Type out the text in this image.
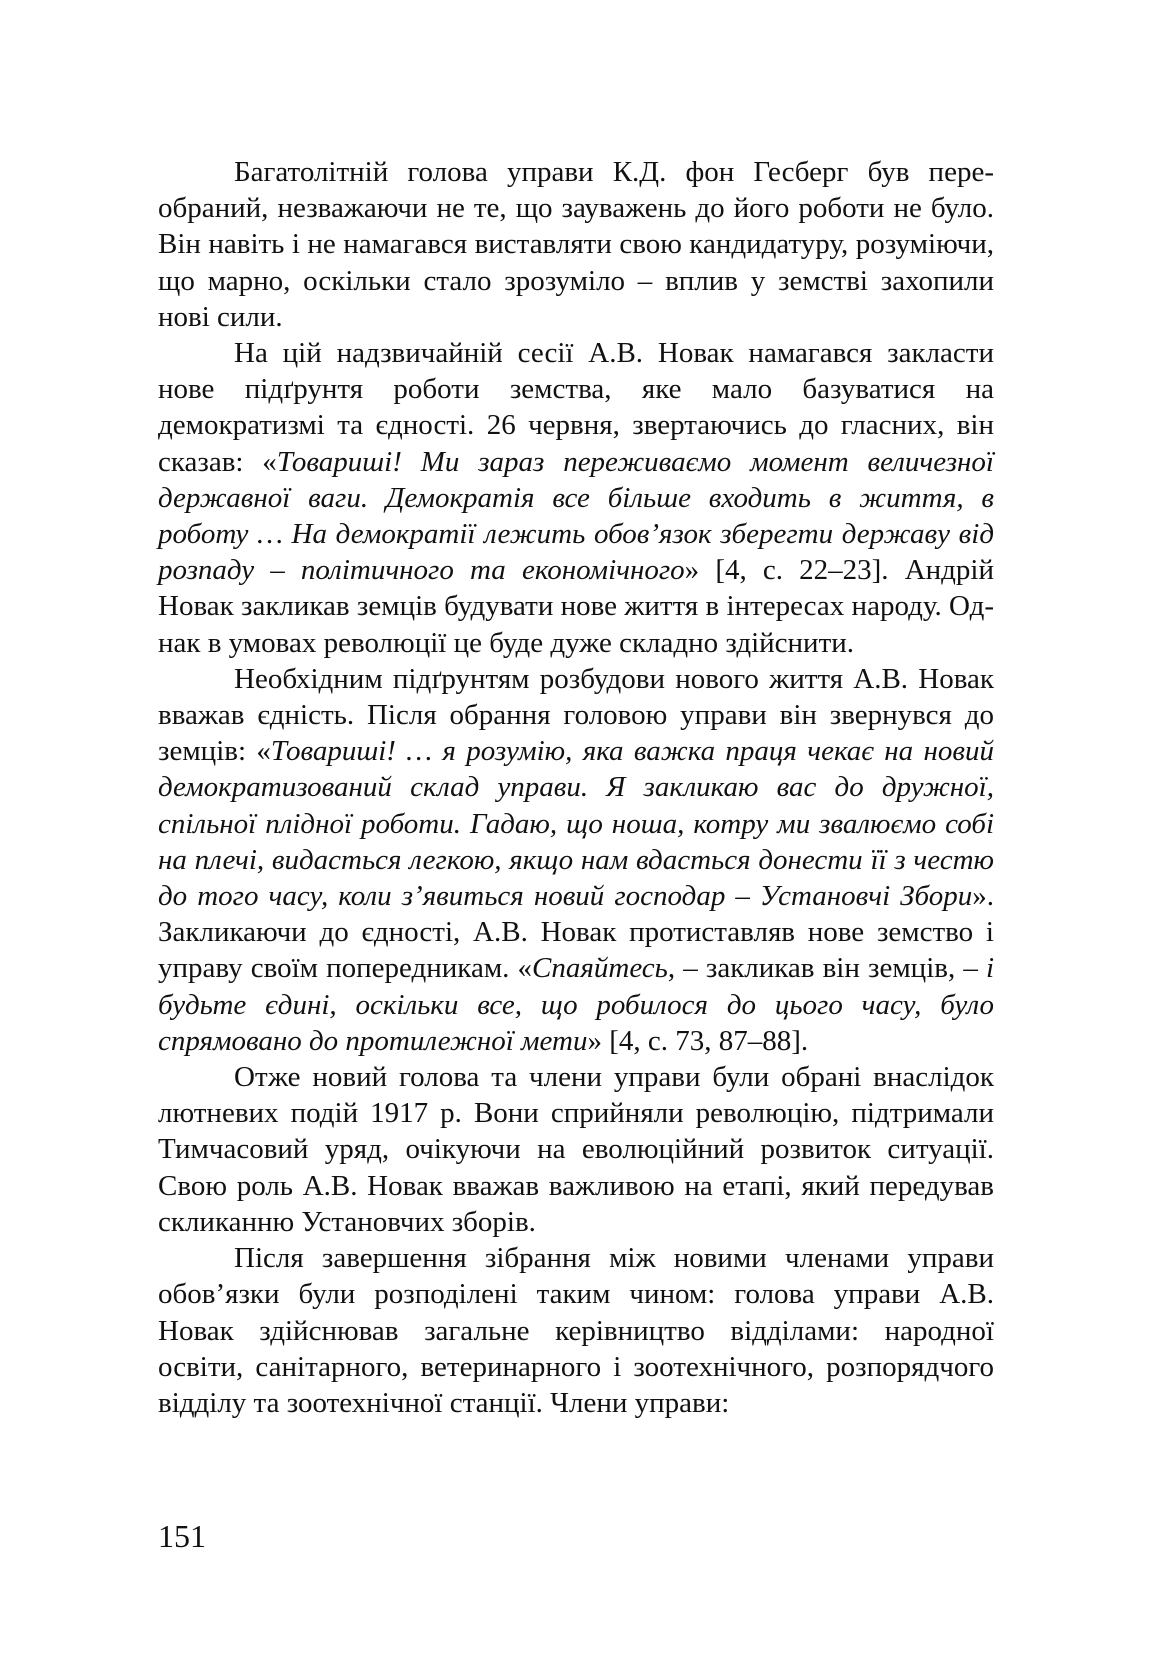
Багатолітній голова управи К.Д. фон Гесберг був переобраний, незважаючи не те, що зауважень до його роботи не було. Він навіть і не намагався виставляти свою кандидатуру, розуміючи, що марно, оскільки стало зрозуміло – вплив у земстві захопили нові сили.

На цій надзвичайній сесії А.В. Новак намагався закласти нове підґрунтя роботи земства, яке мало базуватися на демократизмі та єдності. 26 червня, звертаючись до гласних, він сказав: «Товариші! Ми зараз переживаємо момент величезної державної ваги. Демократія все більше входить в життя, в роботу … На демократії лежить обов’язок зберегти державу від розпаду – політичного та економічного» [4, с. 22–23]. Андрій Новак закликав земців будувати нове життя в інтересах народу. Однак в умовах революції це буде дуже складно здійснити.

Необхідним підґрунтям розбудови нового життя А.В. Новак вважав єдність. Після обрання головою управи він звернувся до земців: «Товариші! … я розумію, яка важка праця чекає на новий демократизований склад управи. Я закликаю вас до дружної, спільної плідної роботи. Гадаю, що ноша, котру ми звалюємо собі на плечі, видасться легкою, якщо нам вдасться донести її з честю до того часу, коли з’явиться новий господар – Установчі Збори». Закликаючи до єдності, А.В. Новак протиставляв нове земство і управу своїм попередникам. «Спаяйтесь, – закликав він земців, – і будьте єдині, оскільки все, що робилося до цього часу, було спрямовано до протилежної мети» [4, с. 73, 87–88].

Отже новий голова та члени управи були обрані внаслідок лютневих подій 1917 р. Вони сприйняли революцію, підтримали Тимчасовий уряд, очікуючи на еволюційний розвиток ситуації. Свою роль А.В. Новак вважав важливою на етапі, який передував скликанню Установчих зборів.

Після завершення зібрання між новими членами управи обов’язки були розподілені таким чином: голова управи А.В. Новак здійснював загальне керівництво відділами: народної освіти, санітарного, ветеринарного і зоотехнічного, розпорядчого відділу та зоотехнічної станції. Члени управи:

151
